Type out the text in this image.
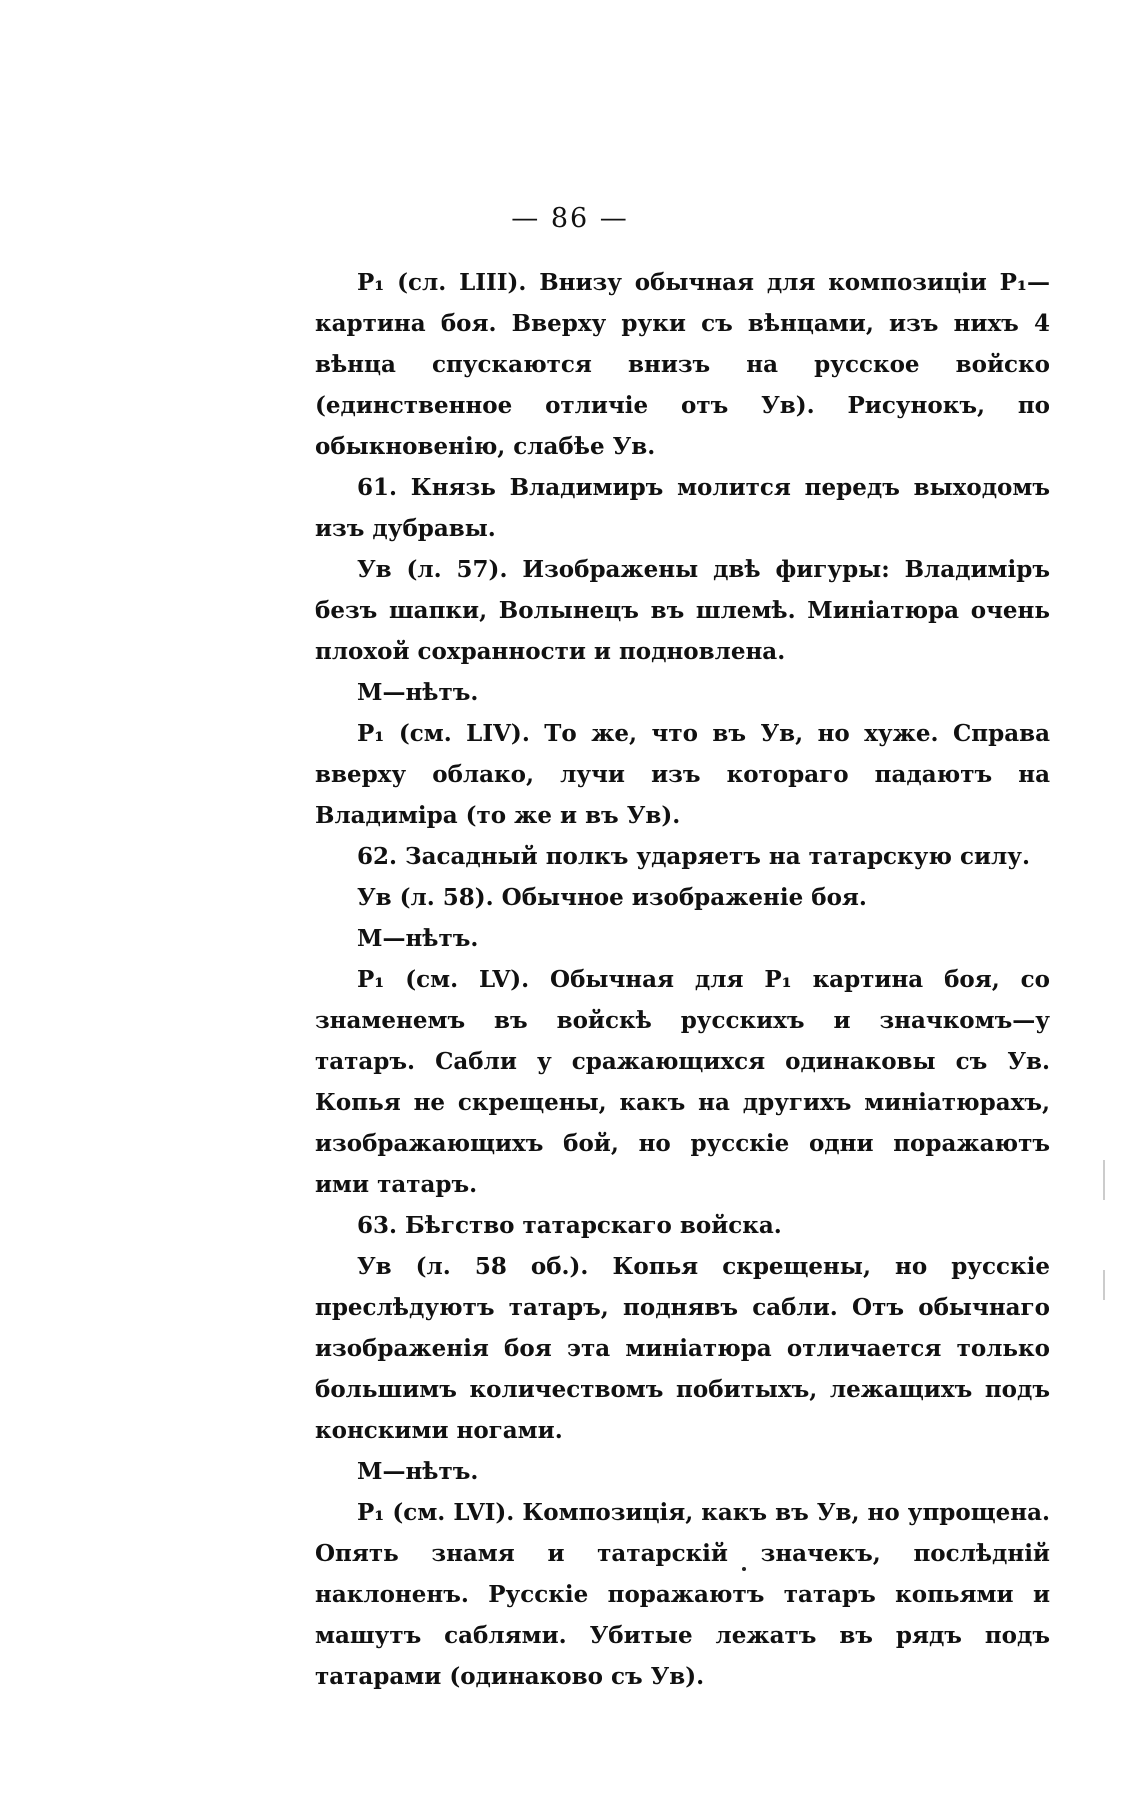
— 86 —

P₁ (сл. LIII). Внизу обычная для композиціи P₁—картина боя. Вверху руки съ вѣнцами, изъ нихъ 4 вѣнца спускаются внизъ на русское войско (единственное отличіе отъ Ув). Рисунокъ, по обыкновенію, слабѣе Ув.

61. Князь Владимиръ молится передъ выходомъ изъ дубравы.

Ув (л. 57). Изображены двѣ фигуры: Владиміръ безъ шапки, Волынецъ въ шлемѣ. Миніатюра очень плохой сохранности и подновлена.

М—нѣтъ.

P₁ (см. LIV). То же, что въ Ув, но хуже. Справа вверху облако, лучи изъ котораго падаютъ на Владиміра (то же и въ Ув).

62. Засадный полкъ ударяетъ на татарскую силу.

Ув (л. 58). Обычное изображеніе боя.

М—нѣтъ.

P₁ (см. LV). Обычная для P₁ картина боя, со знаменемъ въ войскѣ русскихъ и значкомъ—у татаръ. Сабли у сражающихся одинаковы съ Ув. Копья не скрещены, какъ на другихъ миніатюрахъ, изображающихъ бой, но русскіе одни поражаютъ ими татаръ.

63. Бѣгство татарскаго войска.

Ув (л. 58 об.). Копья скрещены, но русскіе преслѣдуютъ татаръ, поднявъ сабли. Отъ обычнаго изображенія боя эта миніатюра отличается только большимъ количествомъ побитыхъ, лежащихъ подъ конскими ногами.

М—нѣтъ.

P₁ (см. LVI). Композиція, какъ въ Ув, но упрощена. Опять знамя и татарскій значекъ, послѣдній наклоненъ. Русскіе поражаютъ татаръ копьями и машутъ саблями. Убитые лежатъ въ рядъ подъ татарами (одинаково съ Ув).
